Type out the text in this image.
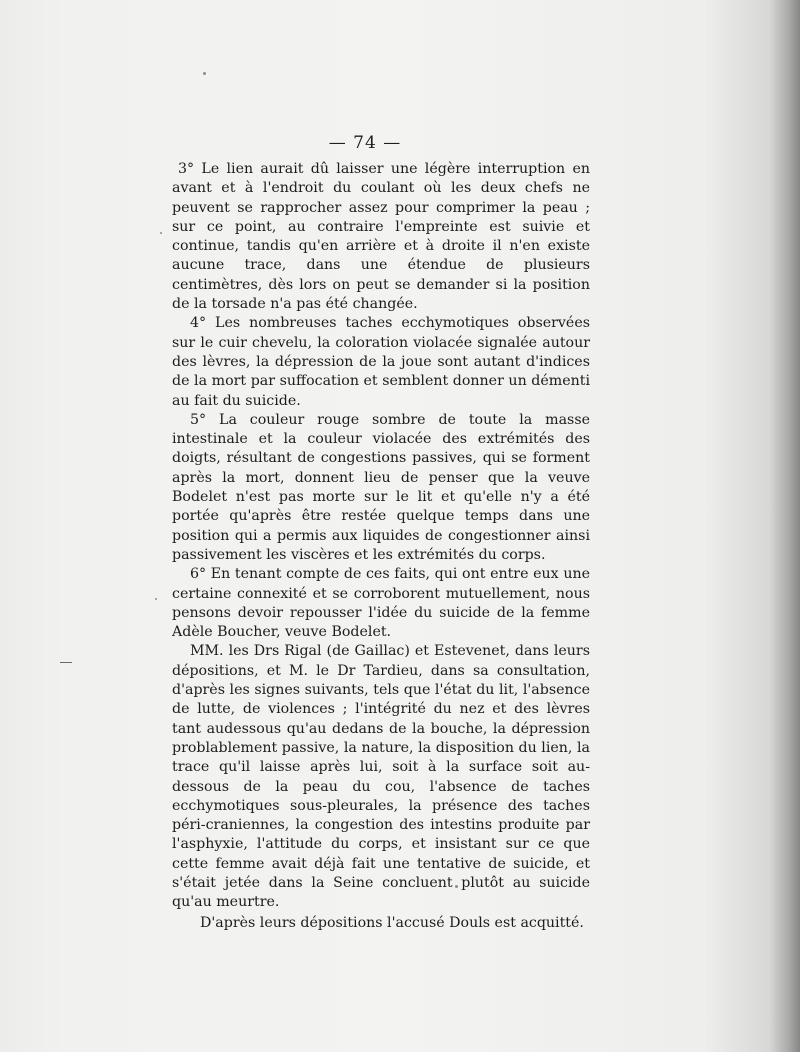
— 74 —

3° Le lien aurait dû laisser une légère interruption en avant et à l'endroit du coulant où les deux chefs ne peuvent se rapprocher assez pour comprimer la peau ; sur ce point, au contraire l'empreinte est suivie et continue, tandis qu'en arrière et à droite il n'en existe aucune trace, dans une étendue de plusieurs centimètres, dès lors on peut se demander si la position de la torsade n'a pas été changée.

4° Les nombreuses taches ecchymotiques observées sur le cuir chevelu, la coloration violacée signalée autour des lèvres, la dépression de la joue sont autant d'indices de la mort par suffocation et semblent donner un démenti au fait du suicide.

5° La couleur rouge sombre de toute la masse intestinale et la couleur violacée des extrémités des doigts, résultant de congestions passives, qui se forment après la mort, donnent lieu de penser que la veuve Bodelet n'est pas morte sur le lit et qu'elle n'y a été portée qu'après être restée quelque temps dans une position qui a permis aux liquides de congestionner ainsi passivement les viscères et les extrémités du corps.

6° En tenant compte de ces faits, qui ont entre eux une certaine connexité et se corroborent mutuellement, nous pensons devoir repousser l'idée du suicide de la femme Adèle Boucher, veuve Bodelet.

MM. les Drs Rigal (de Gaillac) et Estevenet, dans leurs dépositions, et M. le Dr Tardieu, dans sa consultation, d'après les signes suivants, tels que l'état du lit, l'absence de lutte, de violences ; l'intégrité du nez et des lèvres tant audessous qu'au dedans de la bouche, la dépression problablement passive, la nature, la disposition du lien, la trace qu'il laisse après lui, soit à la surface soit au-dessous de la peau du cou, l'absence de taches ecchymotiques sous-pleurales, la présence des taches péri-craniennes, la congestion des intestins produite par l'asphyxie, l'attitude du corps, et insistant sur ce que cette femme avait déjà fait une tentative de suicide, et s'était jetée dans la Seine concluent plutôt au suicide qu'au meurtre.

D'après leurs dépositions l'accusé Douls est acquitté.
